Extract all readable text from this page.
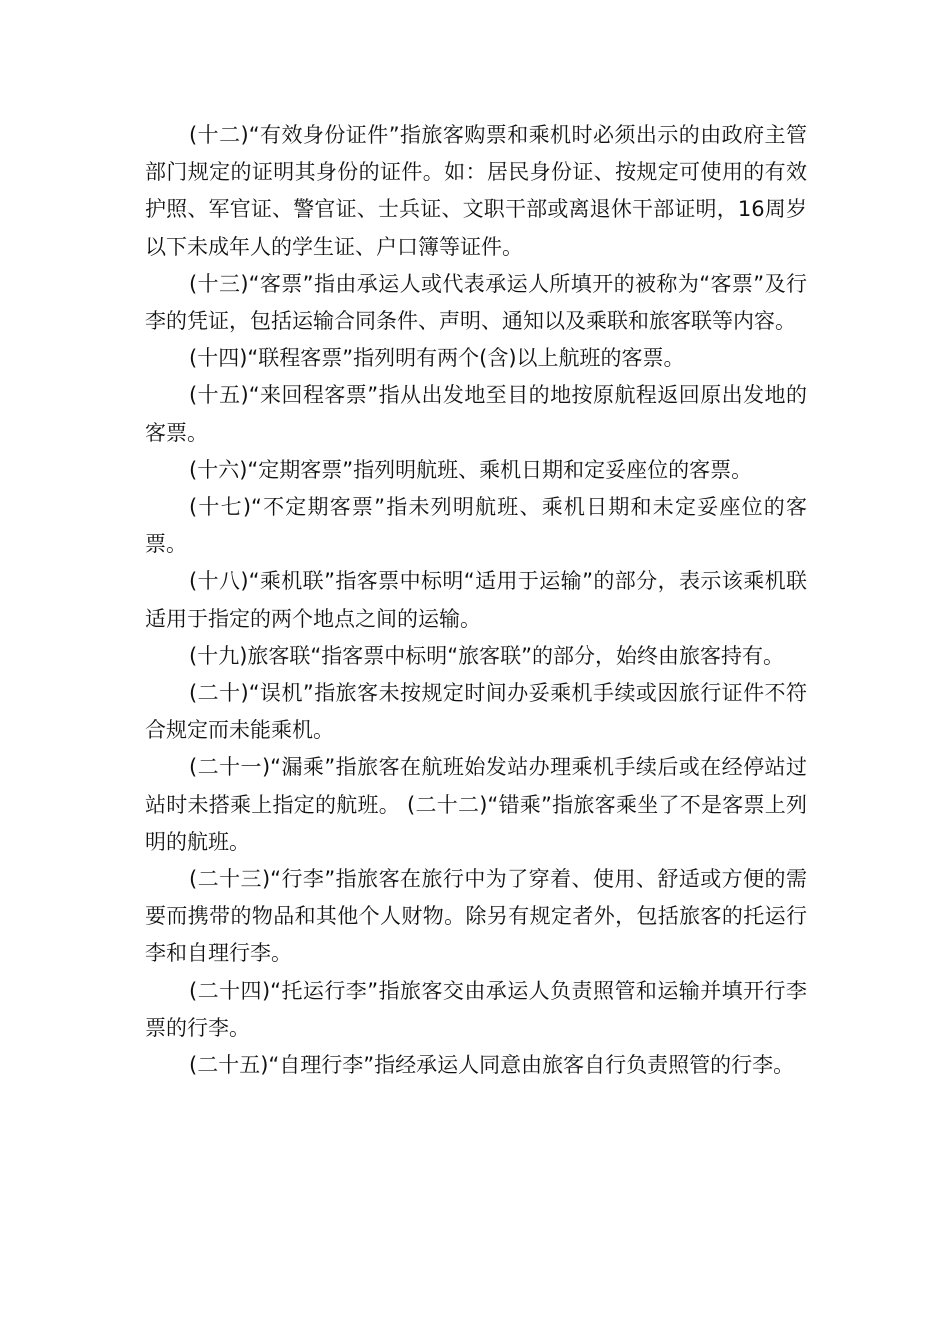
(十二)“有效身份证件”指旅客购票和乘机时必须出示的由政府主管部门规定的证明其身份的证件。如：居民身份证、按规定可使用的有效护照、军官证、警官证、士兵证、文职干部或离退休干部证明，16周岁以下未成年人的学生证、户口簿等证件。

(十三)“客票”指由承运人或代表承运人所填开的被称为“客票”及行李的凭证，包括运输合同条件、声明、通知以及乘联和旅客联等内容。

(十四)“联程客票”指列明有两个(含)以上航班的客票。

(十五)“来回程客票”指从出发地至目的地按原航程返回原出发地的客票。

(十六)“定期客票”指列明航班、乘机日期和定妥座位的客票。

(十七)“不定期客票”指未列明航班、乘机日期和未定妥座位的客票。

(十八)“乘机联”指客票中标明“适用于运输”的部分，表示该乘机联适用于指定的两个地点之间的运输。

(十九)旅客联“指客票中标明“旅客联”的部分，始终由旅客持有。

(二十)“误机”指旅客未按规定时间办妥乘机手续或因旅行证件不符合规定而未能乘机。

(二十一)“漏乘”指旅客在航班始发站办理乘机手续后或在经停站过站时未搭乘上指定的航班。 (二十二)“错乘”指旅客乘坐了不是客票上列明的航班。

(二十三)“行李”指旅客在旅行中为了穿着、使用、舒适或方便的需要而携带的物品和其他个人财物。除另有规定者外，包括旅客的托运行李和自理行李。

(二十四)“托运行李”指旅客交由承运人负责照管和运输并填开行李票的行李。

(二十五)“自理行李”指经承运人同意由旅客自行负责照管的行李。
